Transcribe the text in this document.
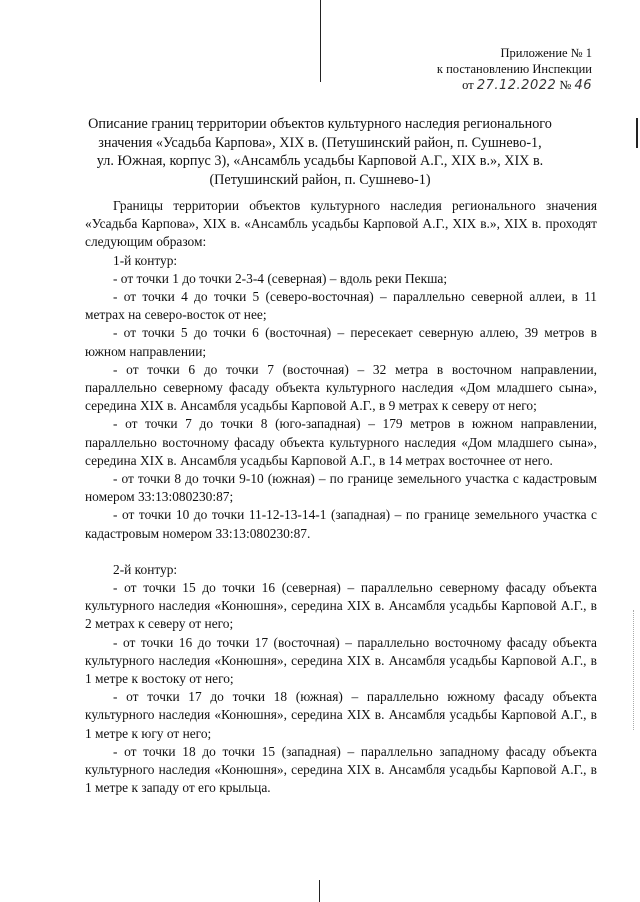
Приложение № 1
к постановлению Инспекции
от 27.12.2022 № 46
Описание границ территории объектов культурного наследия регионального
значения «Усадьба Карпова», XIX в. (Петушинский район, п. Сушнево-1,
ул. Южная, корпус 3), «Ансамбль усадьбы Карповой А.Г., XIX в.», XIX в.
(Петушинский район, п. Сушнево-1)

Границы территории объектов культурного наследия регионального значения «Усадьба Карпова», XIX в. «Ансамбль усадьбы Карповой А.Г., XIX в.», XIX в. проходят следующим образом:

1-й контур:

- от точки 1 до точки 2-3-4 (северная) – вдоль реки Пекша;

- от точки 4 до точки 5 (северо-восточная) – параллельно северной аллеи, в 11 метрах на северо-восток от нее;

- от точки 5 до точки 6 (восточная) – пересекает северную аллею, 39 метров в южном направлении;

- от точки 6 до точки 7 (восточная) – 32 метра в восточном направлении, параллельно северному фасаду объекта культурного наследия «Дом младшего сына», середина XIX в. Ансамбля усадьбы Карповой А.Г., в 9 метрах к северу от него;

- от точки 7 до точки 8 (юго-западная) – 179 метров в южном направлении, параллельно восточному фасаду объекта культурного наследия «Дом младшего сына», середина XIX в. Ансамбля усадьбы Карповой А.Г., в 14 метрах восточнее от него.

- от точки 8 до точки 9-10 (южная) – по границе земельного участка с кадастровым номером 33:13:080230:87;

- от точки 10 до точки 11-12-13-14-1 (западная) – по границе земельного участка с кадастровым номером 33:13:080230:87.

2-й контур:

- от точки 15 до точки 16 (северная) – параллельно северному фасаду объекта культурного наследия «Конюшня», середина XIX в. Ансамбля усадьбы Карповой А.Г., в 2 метрах к северу от него;

- от точки 16 до точки 17 (восточная) – параллельно восточному фасаду объекта культурного наследия «Конюшня», середина XIX в. Ансамбля усадьбы Карповой А.Г., в 1 метре к востоку от него;

- от точки 17 до точки 18 (южная) – параллельно южному фасаду объекта культурного наследия «Конюшня», середина XIX в. Ансамбля усадьбы Карповой А.Г., в 1 метре к югу от него;

- от точки 18 до точки 15 (западная) – параллельно западному фасаду объекта культурного наследия «Конюшня», середина XIX в. Ансамбля усадьбы Карповой А.Г., в 1 метре к западу от его крыльца.
